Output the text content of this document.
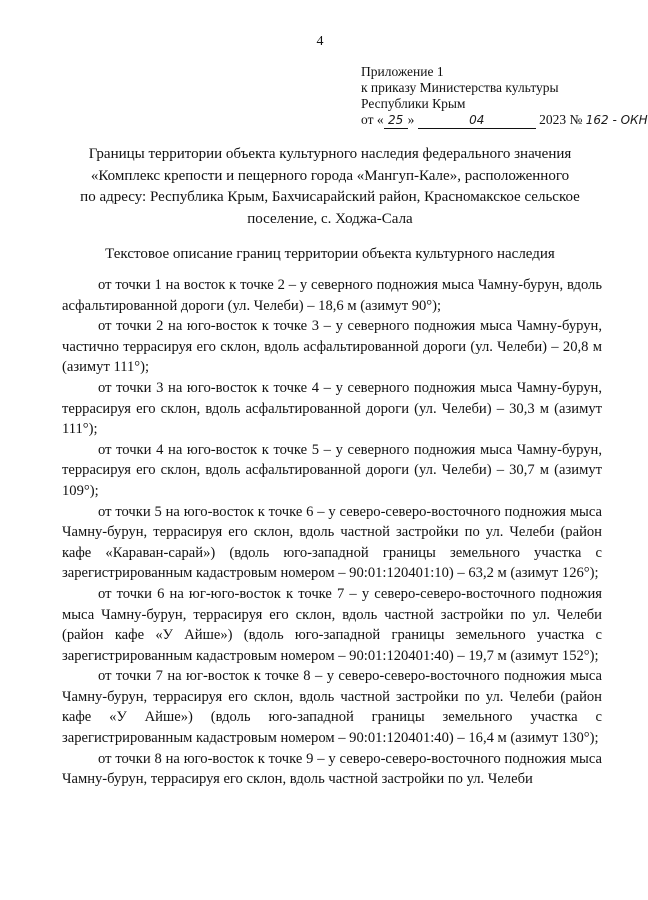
4
Приложение 1
к приказу Министерства культуры
Республики Крым
от « 25 »	04	2023 № 162 - ОКН
Границы территории объекта культурного наследия федерального значения
«Комплекс крепости и пещерного города «Мангуп-Кале», расположенного
по адресу: Республика Крым, Бахчисарайский район, Красномакское сельское
поселение, с. Ходжа-Сала
Текстовое описание границ территории объекта культурного наследия

от точки 1 на восток к точке 2 – у северного подножия мыса Чамну-бурун, вдоль асфальтированной дороги (ул. Челеби) – 18,6 м (азимут 90°);

от точки 2 на юго-восток к точке 3 – у северного подножия мыса Чамну-бурун, частично террасируя его склон, вдоль асфальтированной дороги (ул. Челеби) – 20,8 м (азимут 111°);

от точки 3 на юго-восток к точке 4 – у северного подножия мыса Чамну-бурун, террасируя его склон, вдоль асфальтированной дороги (ул. Челеби) – 30,3 м (азимут 111°);

от точки 4 на юго-восток к точке 5 – у северного подножия мыса Чамну-бурун, террасируя его склон, вдоль асфальтированной дороги (ул. Челеби) – 30,7 м (азимут 109°);

от точки 5 на юго-восток к точке 6 – у северо-северо-восточного подножия мыса Чамну-бурун, террасируя его склон, вдоль частной застройки по ул. Челеби (район кафе «Караван-сарай») (вдоль юго-западной границы земельного участка с зарегистрированным кадастровым номером – 90:01:120401:10) – 63,2 м (азимут 126°);

от точки 6 на юг-юго-восток к точке 7 – у северо-северо-восточного подножия мыса Чамну-бурун, террасируя его склон, вдоль частной застройки по ул. Челеби (район кафе «У Айше») (вдоль юго-западной границы земельного участка с зарегистрированным кадастровым номером – 90:01:120401:40) – 19,7 м (азимут 152°);

от точки 7 на юг-восток к точке 8 – у северо-северо-восточного подножия мыса Чамну-бурун, террасируя его склон, вдоль частной застройки по ул. Челеби (район кафе «У Айше») (вдоль юго-западной границы земельного участка с зарегистрированным кадастровым номером – 90:01:120401:40) – 16,4 м (азимут 130°);

от точки 8 на юго-восток к точке 9 – у северо-северо-восточного подножия мыса Чамну-бурун, террасируя его склон, вдоль частной застройки по ул. Челеби
